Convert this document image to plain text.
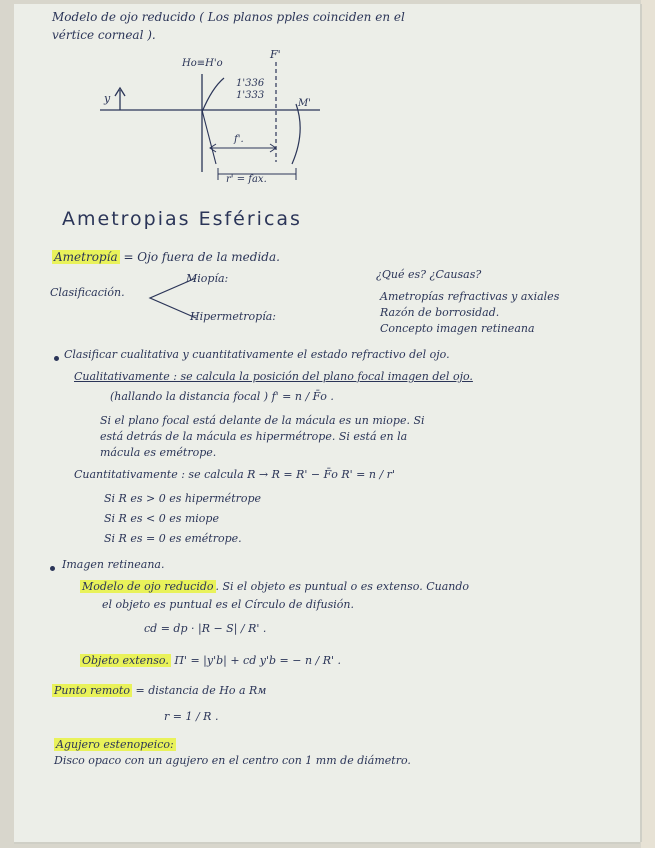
Modelo de ojo reducido ( Los planos pples coinciden en el
vértice corneal ).
Ho≡H'o
F'
1'336
1'333
y	M'
f'.
r' = fax.
Ametropias Esféricas
Ametropía = Ojo fuera de la medida.
¿Qué es? ¿Causas?
Ametropías refractivas y axiales
Razón de borrosidad.
Concepto imagen retineana
Clasificación.
Miopía:
Hipermetropía:
Clasificar cualitativa y cuantitativamente el estado refractivo del ojo.
Cualitativamente : se calcula la posición del plano focal imagen del ojo.
(hallando la distancia focal ) f' = n / F̄o .
Si el plano focal está delante de la mácula es un miope. Si
está detrás de la mácula es hipermétrope. Si está en la
mácula es emétrope.
Cuantitativamente : se calcula R → R = R' − F̄o R' = n / r'
Si R es > 0 es hipermétrope
Si R es < 0 es miope
Si R es = 0 es emétrope.
Imagen retineana.
Modelo de ojo reducido . Si el objeto es puntual o es extenso. Cuando
el objeto es puntual es el Círculo de difusión.
cd = dp · |R − S| / R' .
Objeto extenso. Π' = |y'b| + cd y'b = − n / R' .
Punto remoto = distancia de Ho a Rм
r = 1 / R .
Agujero estenopeico:
Disco opaco con un agujero en el centro con 1 mm de diámetro.
